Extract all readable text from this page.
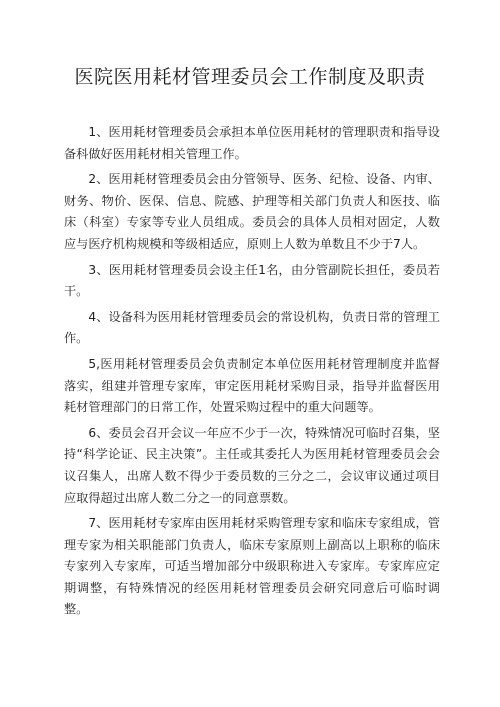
医院医用耗材管理委员会工作制度及职责

1、医用耗材管理委员会承担本单位医用耗材的管理职责和指导设备科做好医用耗材相关管理工作。

2、医用耗材管理委员会由分管领导、医务、纪检、设备、内审、财务、物价、医保、信息、院感、护理等相关部门负责人和医技、临床（科室）专家等专业人员组成。委员会的具体人员相对固定，人数应与医疗机构规模和等级相适应，原则上人数为单数且不少于7人。

3、医用耗材管理委员会设主任1名，由分管副院长担任，委员若干。

4、设备科为医用耗材管理委员会的常设机构，负责日常的管理工作。

5,医用耗材管理委员会负责制定本单位医用耗材管理制度并监督落实，组建并管理专家库，审定医用耗材采购目录，指导并监督医用耗材管理部门的日常工作，处置采购过程中的重大问题等。

6、委员会召开会议一年应不少于一次，特殊情况可临时召集，坚持“科学论证、民主决策”。主任或其委托人为医用耗材管理委员会会议召集人，出席人数不得少于委员数的三分之二，会议审议通过项目应取得超过出席人数二分之一的同意票数。

7、医用耗材专家库由医用耗材采购管理专家和临床专家组成，管理专家为相关职能部门负责人，临床专家原则上副高以上职称的临床专家列入专家库，可适当增加部分中级职称进入专家库。专家库应定期调整，有特殊情况的经医用耗材管理委员会研究同意后可临时调整。
